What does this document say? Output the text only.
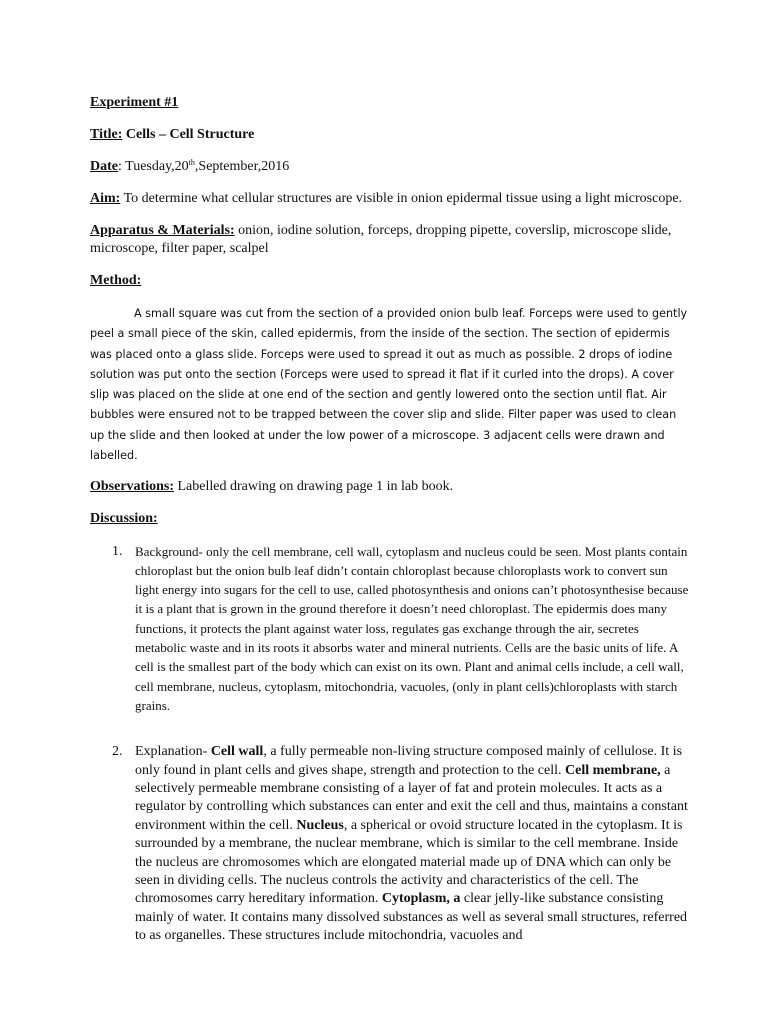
Experiment #1

Title: Cells – Cell Structure

Date: Tuesday,20th,September,2016

Aim: To determine what cellular structures are visible in onion epidermal tissue using a light microscope.

Apparatus & Materials: onion, iodine solution, forceps, dropping pipette, coverslip, microscope slide, microscope, filter paper, scalpel

Method:

A small square was cut from the section of a provided onion bulb leaf. Forceps were used to gently peel a small piece of the skin, called epidermis, from the inside of the section. The section of epidermis was placed onto a glass slide. Forceps were used to spread it out as much as possible. 2 drops of iodine solution was put onto the section (Forceps were used to spread it flat if it curled into the drops). A cover slip was placed on the slide at one end of the section and gently lowered onto the section until flat. Air bubbles were ensured not to be trapped between the cover slip and slide. Filter paper was used to clean up the slide and then looked at under the low power of a microscope. 3 adjacent cells were drawn and labelled.

Observations: Labelled drawing on drawing page 1 in lab book.

Discussion:

1. Background- only the cell membrane, cell wall, cytoplasm and nucleus could be seen. Most plants contain chloroplast but the onion bulb leaf didn’t contain chloroplast because chloroplasts work to convert sun light energy into sugars for the cell to use, called photosynthesis and onions can’t photosynthesise because it is a plant that is grown in the ground therefore it doesn’t need chloroplast. The epidermis does many functions, it protects the plant against water loss, regulates gas exchange through the air, secretes metabolic waste and in its roots it absorbs water and mineral nutrients. Cells are the basic units of life. A cell is the smallest part of the body which can exist on its own. Plant and animal cells include, a cell wall, cell membrane, nucleus, cytoplasm, mitochondria, vacuoles, (only in plant cells)chloroplasts with starch grains.

2. Explanation- Cell wall, a fully permeable non-living structure composed mainly of cellulose. It is only found in plant cells and gives shape, strength and protection to the cell. Cell membrane, a selectively permeable membrane consisting of a layer of fat and protein molecules. It acts as a regulator by controlling which substances can enter and exit the cell and thus, maintains a constant environment within the cell. Nucleus, a spherical or ovoid structure located in the cytoplasm. It is surrounded by a membrane, the nuclear membrane, which is similar to the cell membrane. Inside the nucleus are chromosomes which are elongated material made up of DNA which can only be seen in dividing cells. The nucleus controls the activity and characteristics of the cell. The chromosomes carry hereditary information. Cytoplasm, a clear jelly-like substance consisting mainly of water. It contains many dissolved substances as well as several small structures, referred to as organelles. These structures include mitochondria, vacuoles and
